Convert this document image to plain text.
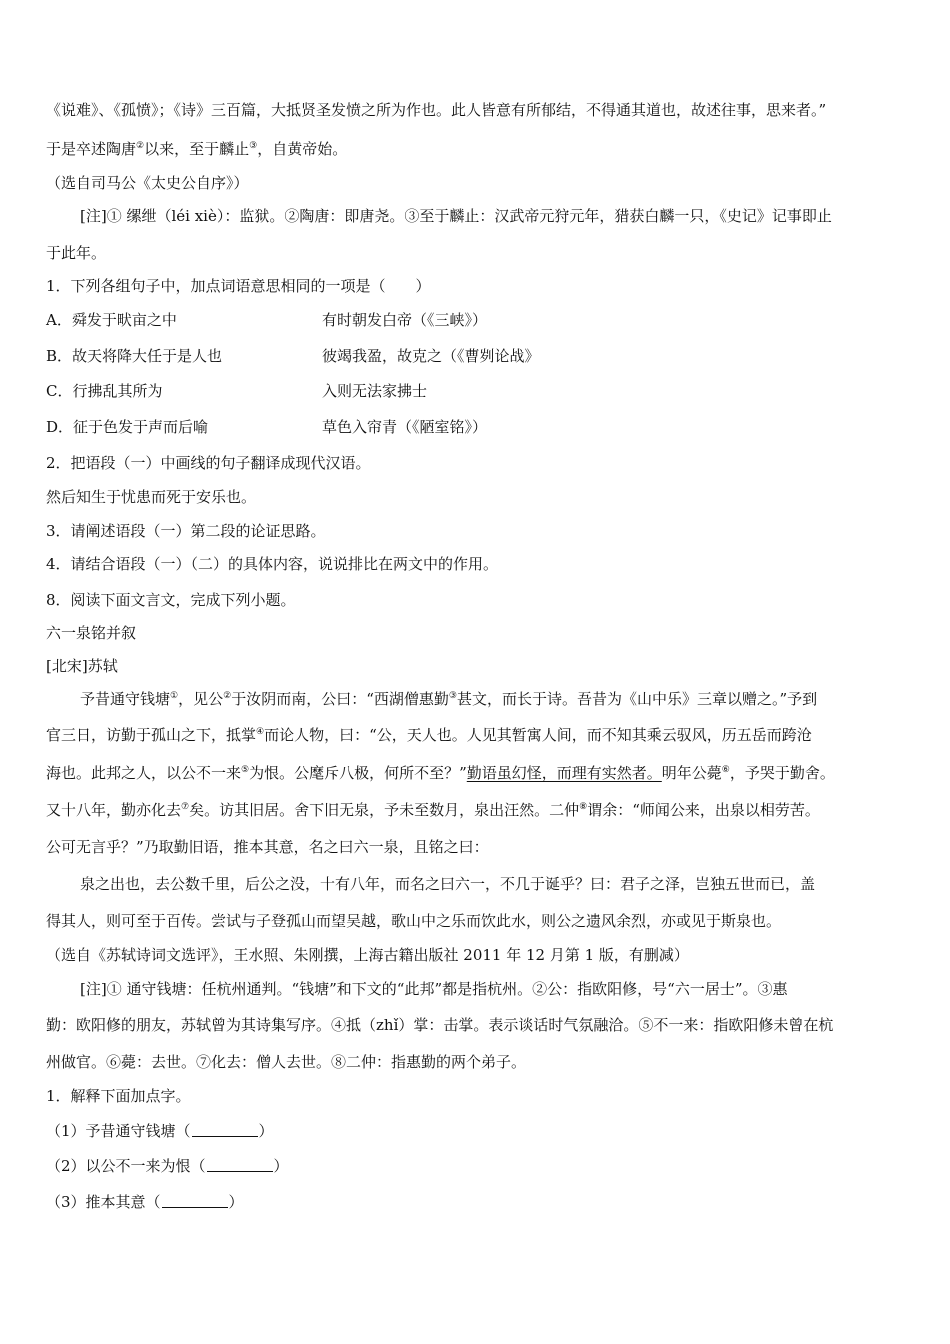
《说难》、《孤愤》；《诗》三百篇，大抵贤圣发愤之所为作也。此人皆意有所郁结，不得通其道也，故述往事，思来者。”
于是卒述陶唐②以来，至于麟止③，自黄帝始。
（选自司马公《太史公自序》）
[注]① 缧绁（léi xiè）：监狱。②陶唐：即唐尧。③至于麟止：汉武帝元狩元年，猎获白麟一只，《史记》记事即止
于此年。
1．下列各组句子中，加点词语意思相同的一项是（　　）
A．舜发于畎亩之中	有时朝发白帝（《三峡》）
B．故天将降大任于是人也	彼竭我盈，故克之（《曹刿论战》
C．行拂乱其所为	入则无法家拂士
D．征于色发于声而后喻	草色入帘青（《陋室铭》）
2．把语段（一）中画线的句子翻译成现代汉语。
然后知生于忧患而死于安乐也。
3．请阐述语段（一）第二段的论证思路。
4．请结合语段（一）（二）的具体内容，说说排比在两文中的作用。
8．阅读下面文言文，完成下列小题。
六一泉铭并叙
[北宋]苏轼
予昔通守钱塘①，见公②于汝阴而南，公曰：“西湖僧惠勤③甚文，而长于诗。吾昔为《山中乐》三章以赠之。”予到
官三日，访勤于孤山之下，抵掌④而论人物，曰：“公，天人也。人见其暂寓人间，而不知其乘云驭风，历五岳而跨沧
海也。此邦之人，以公不一来⑤为恨。公麾斥八极，何所不至？”勤语虽幻怪，而理有实然者。明年公薨⑥，予哭于勤舍。
又十八年，勤亦化去⑦矣。访其旧居。舍下旧无泉，予未至数月，泉出汪然。二仲⑧谓余：“师闻公来，出泉以相劳苦。
公可无言乎？”乃取勤旧语，推本其意，名之曰六一泉，且铭之曰：
泉之出也，去公数千里，后公之没，十有八年，而名之曰六一，不几于诞乎？曰：君子之泽，岂独五世而已，盖
得其人，则可至于百传。尝试与子登孤山而望吴越，歌山中之乐而饮此水，则公之遗风余烈，亦或见于斯泉也。
（选自《苏轼诗词文选评》，王水照、朱刚撰，上海古籍出版社 2011 年 12 月第 1 版，有删减）
[注]① 通守钱塘：任杭州通判。“钱塘”和下文的“此邦”都是指杭州。②公：指欧阳修，号“六一居士”。③惠
勤：欧阳修的朋友，苏轼曾为其诗集写序。④抵（zhǐ）掌：击掌。表示谈话时气氛融洽。⑤不一来：指欧阳修未曾在杭
州做官。⑥薨：去世。⑦化去：僧人去世。⑧二仲：指惠勤的两个弟子。
1．解释下面加点字。
（1）予昔通守钱塘（	）
（2）以公不一来为恨（	）
（3）推本其意（	）
